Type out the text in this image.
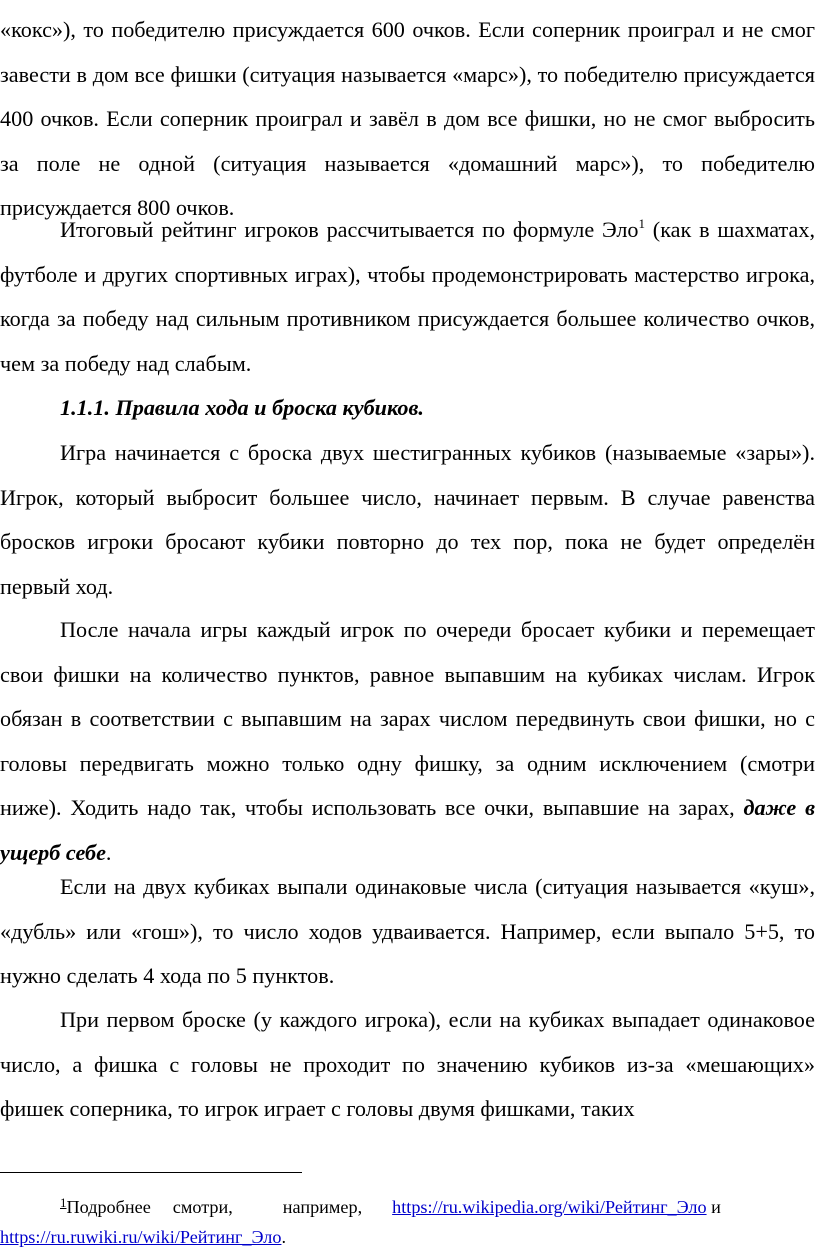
«кокс»), то победителю присуждается 600 очков. Если соперник проиграл и не смог завести в дом все фишки (ситуация называется «марс»), то победителю присуждается 400 очков. Если соперник проиграл и завёл в дом все фишки, но не смог выбросить за поле не одной (ситуация называется «домашний марс»), то победителю присуждается 800 очков.

Итоговый рейтинг игроков рассчитывается по формуле Эло$^1$ (как в шахматах, футболе и других спортивных играх), чтобы продемонстрировать мастерство игрока, когда за победу над сильным противником присуждается большее количество очков, чем за победу над слабым.

1.1.1. Правила хода и броска кубиков.

Игра начинается с броска двух шестигранных кубиков (называемые «зары»). Игрок, который выбросит большее число, начинает первым. В случае равенства бросков игроки бросают кубики повторно до тех пор, пока не будет определён первый ход.

После начала игры каждый игрок по очереди бросает кубики и перемещает свои фишки на количество пунктов, равное выпавшим на кубиках числам. Игрок обязан в соответствии с выпавшим на зарах числом передвинуть свои фишки, но с головы передвигать можно только одну фишку, за одним исключением (смотри ниже). Ходить надо так, чтобы использовать все очки, выпавшие на зарах, даже в ущерб себе.

Если на двух кубиках выпали одинаковые числа (ситуация называется «куш», «дубль» или «гош»), то число ходов удваивается. Например, если выпало 5+5, то нужно сделать 4 хода по 5 пунктов.

При первом броске (у каждого игрока), если на кубиках выпадает одинаковое число, а фишка с головы не проходит по значению кубиков из-за «мешающих» фишек соперника, то игрок играет с головы двумя фишками, таких

$^1$Подробнее смотри,	например, https://ru.wikipedia.org/wiki/Рейтинг_Эло и
https://ru.ruwiki.ru/wiki/Рейтинг_Эло.
